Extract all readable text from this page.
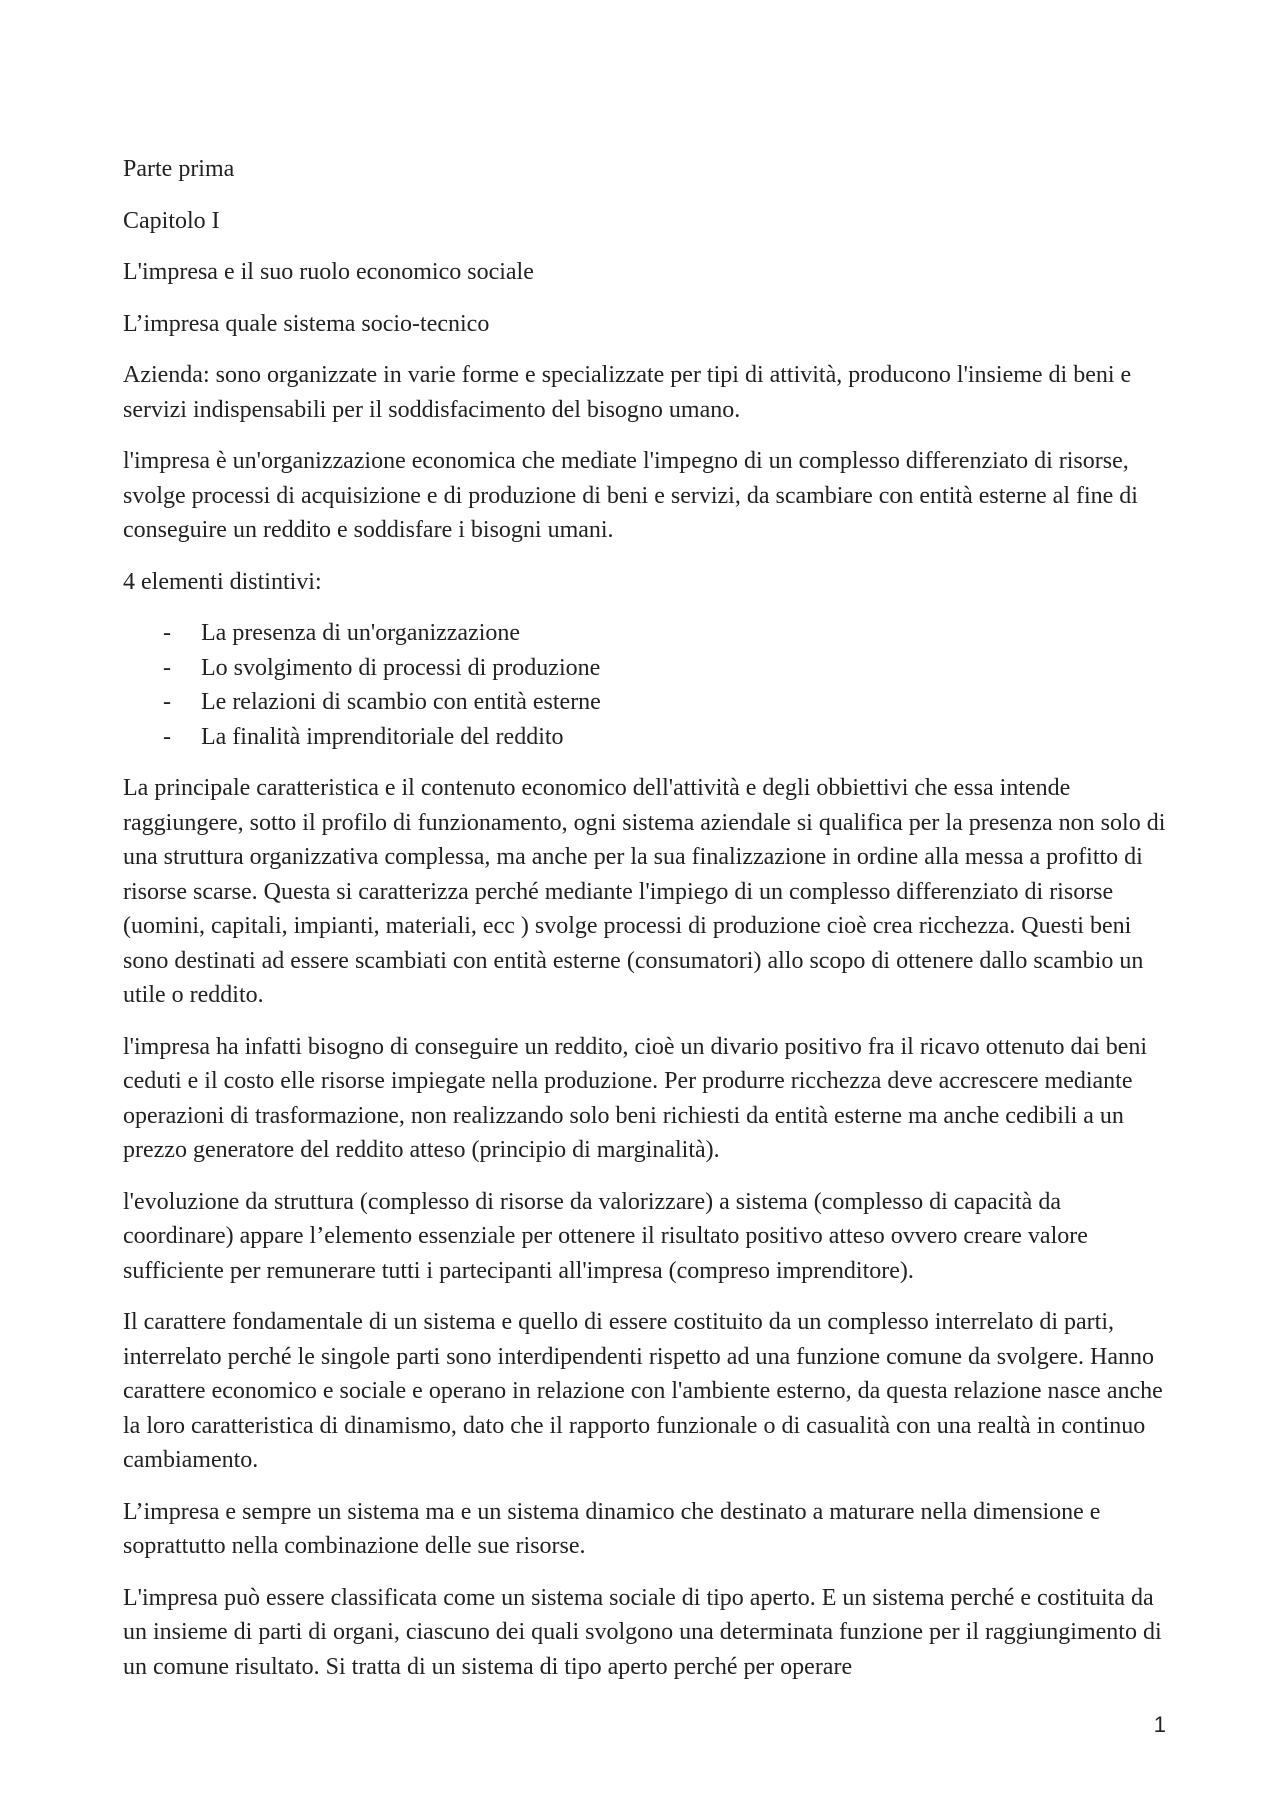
Parte prima

Capitolo I

L'impresa e il suo ruolo economico sociale

L’impresa quale sistema socio-tecnico

Azienda: sono organizzate in varie forme e specializzate per tipi di attività, producono l'insieme di beni e servizi indispensabili per il soddisfacimento del bisogno umano.

l'impresa è un'organizzazione economica che mediate l'impegno di un complesso differenziato di risorse, svolge processi di acquisizione e di produzione di beni e servizi, da scambiare con entità esterne al fine di conseguire un reddito e soddisfare i bisogni umani.

4 elementi distintivi:

- La presenza di un'organizzazione
- Lo svolgimento di processi di produzione
- Le relazioni di scambio con entità esterne
- La finalità imprenditoriale del reddito

La principale caratteristica e il contenuto economico dell'attività e degli obbiettivi che essa intende raggiungere, sotto il profilo di funzionamento, ogni sistema aziendale si qualifica per la presenza non solo di una struttura organizzativa complessa, ma anche per la sua finalizzazione in ordine alla messa a profitto di risorse scarse. Questa si caratterizza perché mediante l'impiego di un complesso differenziato di risorse (uomini, capitali, impianti, materiali, ecc ) svolge processi di produzione cioè crea ricchezza. Questi beni sono destinati ad essere scambiati con entità esterne (consumatori) allo scopo di ottenere dallo scambio un utile o reddito.

l'impresa ha infatti bisogno di conseguire un reddito, cioè un divario positivo fra il ricavo ottenuto dai beni ceduti e il costo elle risorse impiegate nella produzione. Per produrre ricchezza deve accrescere mediante operazioni di trasformazione, non realizzando solo beni richiesti da entità esterne ma anche cedibili a un prezzo generatore del reddito atteso (principio di marginalità).

l'evoluzione da struttura (complesso di risorse da valorizzare) a sistema (complesso di capacità da coordinare) appare l’elemento essenziale per ottenere il risultato positivo atteso ovvero creare valore sufficiente per remunerare tutti i partecipanti all'impresa (compreso imprenditore).

Il carattere fondamentale di un sistema e quello di essere costituito da un complesso interrelato di parti, interrelato perché le singole parti sono interdipendenti rispetto ad una funzione comune da svolgere. Hanno carattere economico e sociale e operano in relazione con l'ambiente esterno, da questa relazione nasce anche la loro caratteristica di dinamismo, dato che il rapporto funzionale o di casualità con una realtà in continuo cambiamento.

L’impresa e sempre un sistema ma e un sistema dinamico che destinato a maturare nella dimensione e soprattutto nella combinazione delle sue risorse.

L'impresa può essere classificata come un sistema sociale di tipo aperto. E un sistema perché e costituita da un insieme di parti di organi, ciascuno dei quali svolgono una determinata funzione per il raggiungimento di un comune risultato. Si tratta di un sistema di tipo aperto perché per operare

1
